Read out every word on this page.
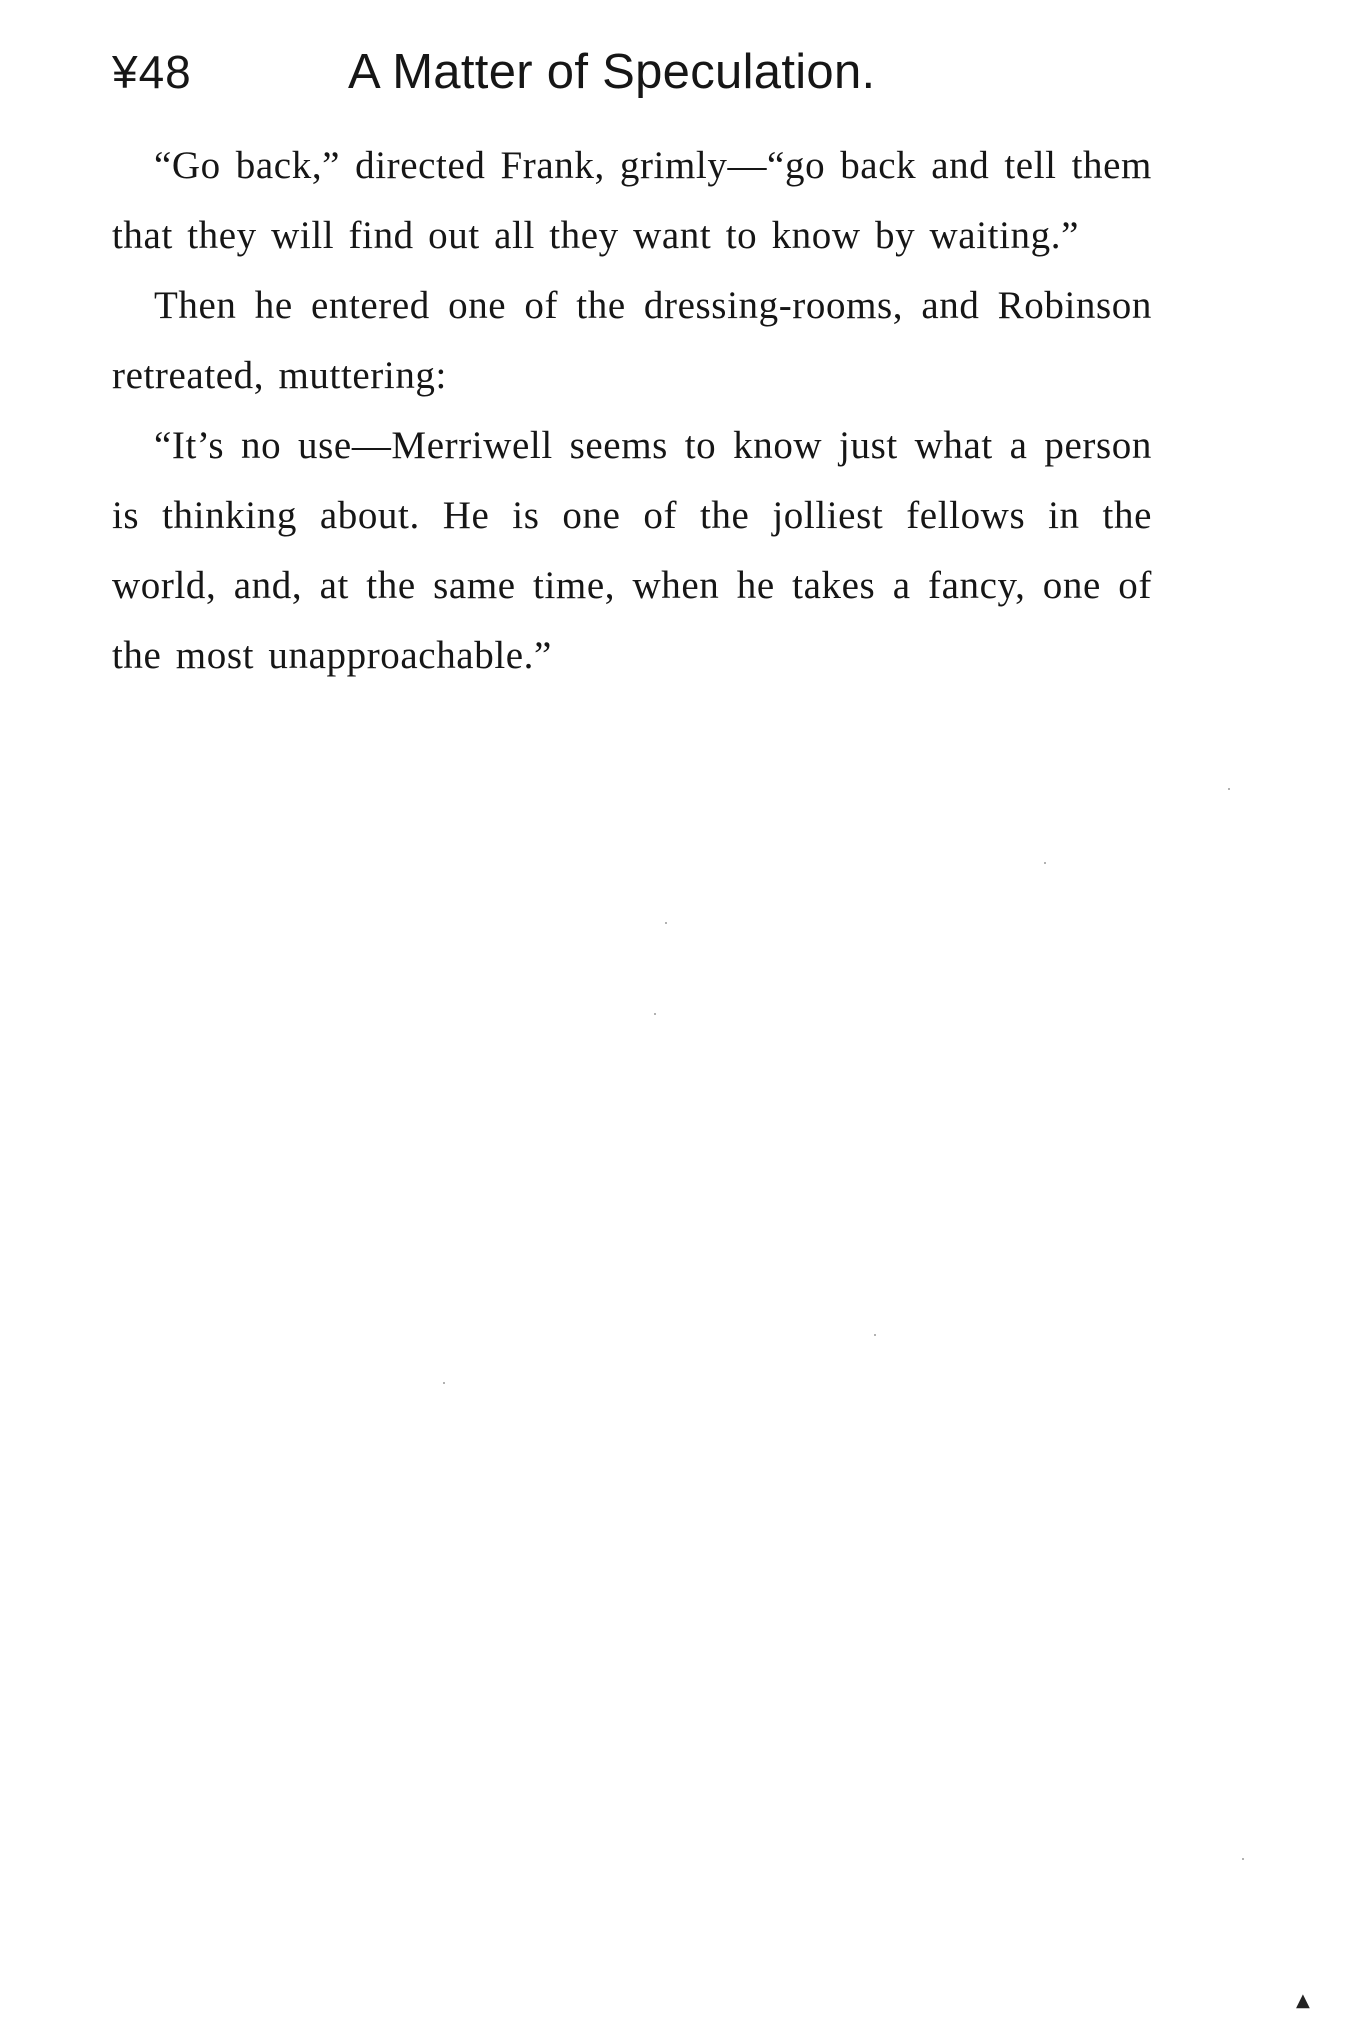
¥48	A Matter of Speculation.

“Go back,” directed Frank, grimly—“go back and tell them that they will find out all they want to know by waiting.”

Then he entered one of the dressing-rooms, and Robinson retreated, muttering:

“It’s no use—Merriwell seems to know just what a person is thinking about. He is one of the jolliest fellows in the world, and, at the same time, when he takes a fancy, one of the most unapproachable.”

▲
